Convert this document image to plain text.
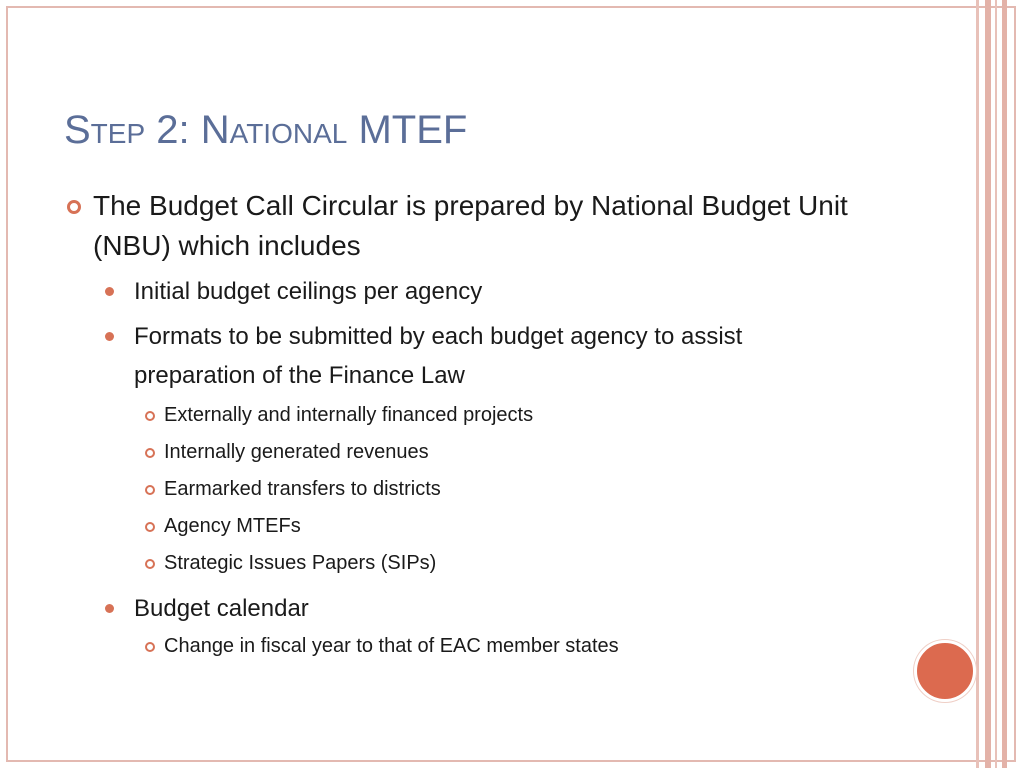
Step 2: National MTEF
The Budget Call Circular is prepared by National Budget Unit (NBU) which includes
Initial budget ceilings per agency
Formats to be submitted by each budget agency to assist preparation of the Finance Law
Externally and internally financed projects
Internally generated revenues
Earmarked transfers to districts
Agency MTEFs
Strategic Issues Papers (SIPs)
Budget calendar
Change in fiscal year to that of EAC member states
